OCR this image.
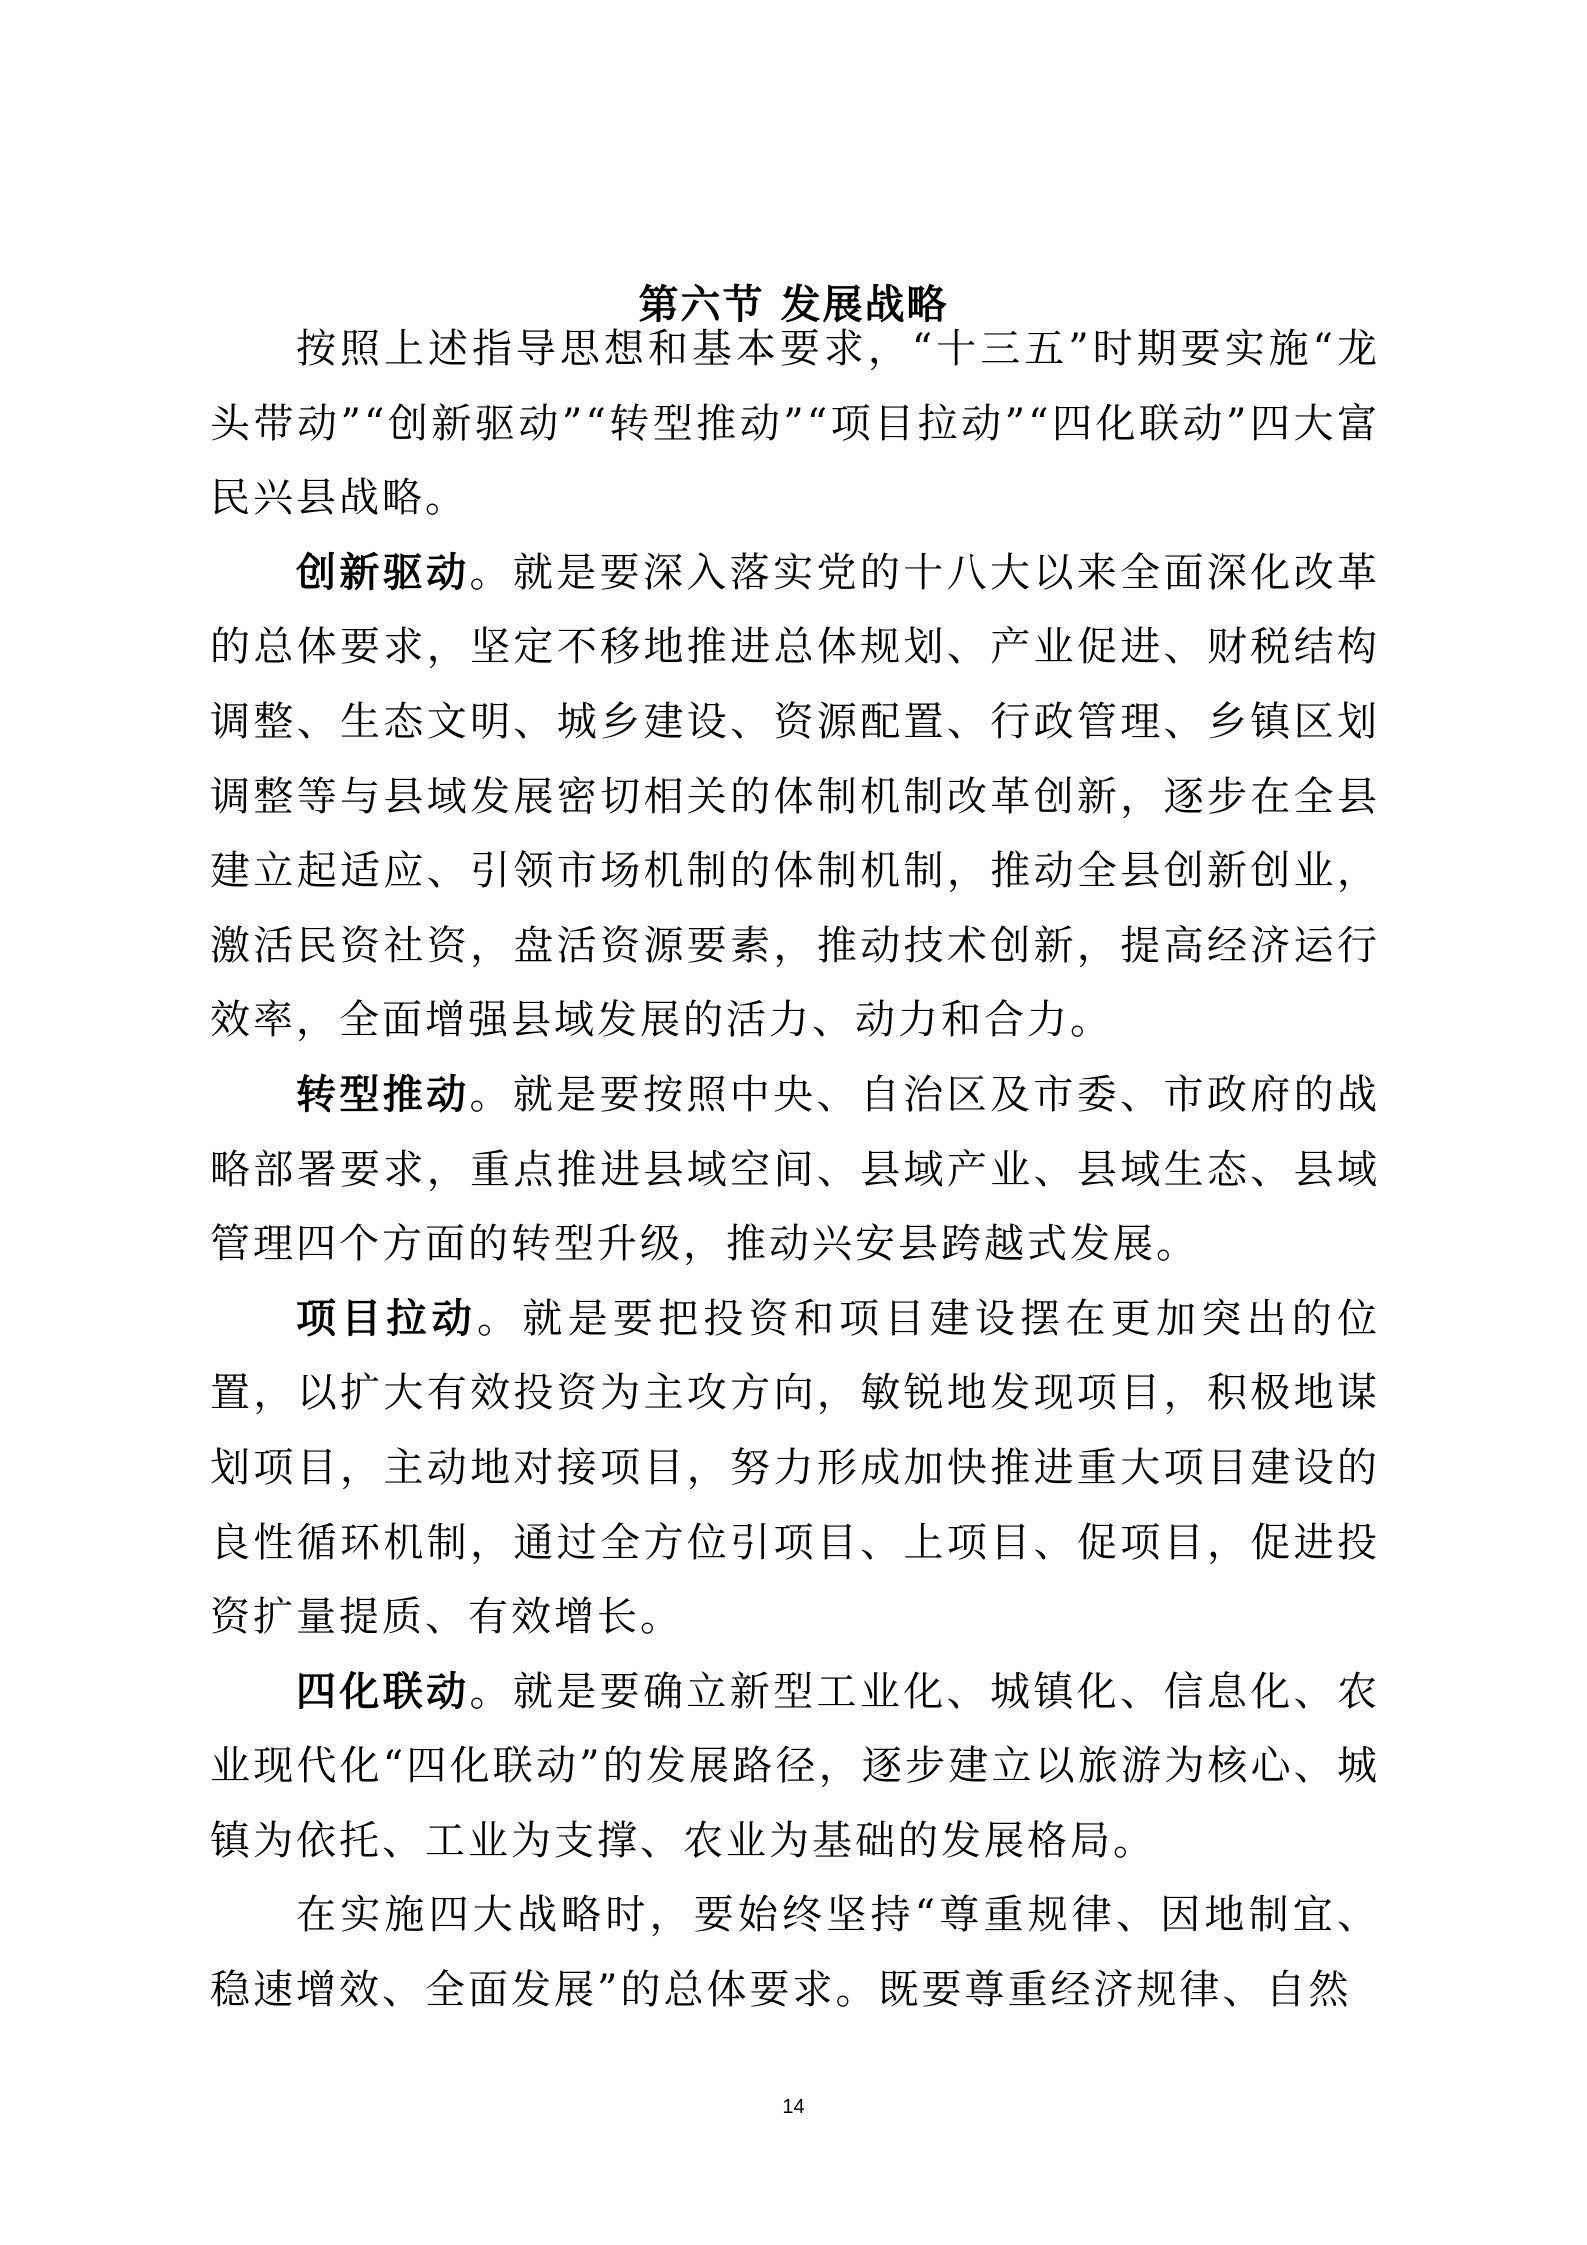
第六节 发展战略

按照上述指导思想和基本要求，“十三五”时期要实施“龙头带动”“创新驱动”“转型推动”“项目拉动”“四化联动”四大富民兴县战略。

创新驱动。就是要深入落实党的十八大以来全面深化改革的总体要求，坚定不移地推进总体规划、产业促进、财税结构调整、生态文明、城乡建设、资源配置、行政管理、乡镇区划调整等与县域发展密切相关的体制机制改革创新，逐步在全县建立起适应、引领市场机制的体制机制，推动全县创新创业，激活民资社资，盘活资源要素，推动技术创新，提高经济运行效率，全面增强县域发展的活力、动力和合力。

转型推动。就是要按照中央、自治区及市委、市政府的战略部署要求，重点推进县域空间、县域产业、县域生态、县域管理四个方面的转型升级，推动兴安县跨越式发展。

项目拉动。就是要把投资和项目建设摆在更加突出的位置，以扩大有效投资为主攻方向，敏锐地发现项目，积极地谋划项目，主动地对接项目，努力形成加快推进重大项目建设的良性循环机制，通过全方位引项目、上项目、促项目，促进投资扩量提质、有效增长。

四化联动。就是要确立新型工业化、城镇化、信息化、农业现代化“四化联动”的发展路径，逐步建立以旅游为核心、城镇为依托、工业为支撑、农业为基础的发展格局。

在实施四大战略时，要始终坚持“尊重规律、因地制宜、稳速增效、全面发展”的总体要求。既要尊重经济规律、自然

14
